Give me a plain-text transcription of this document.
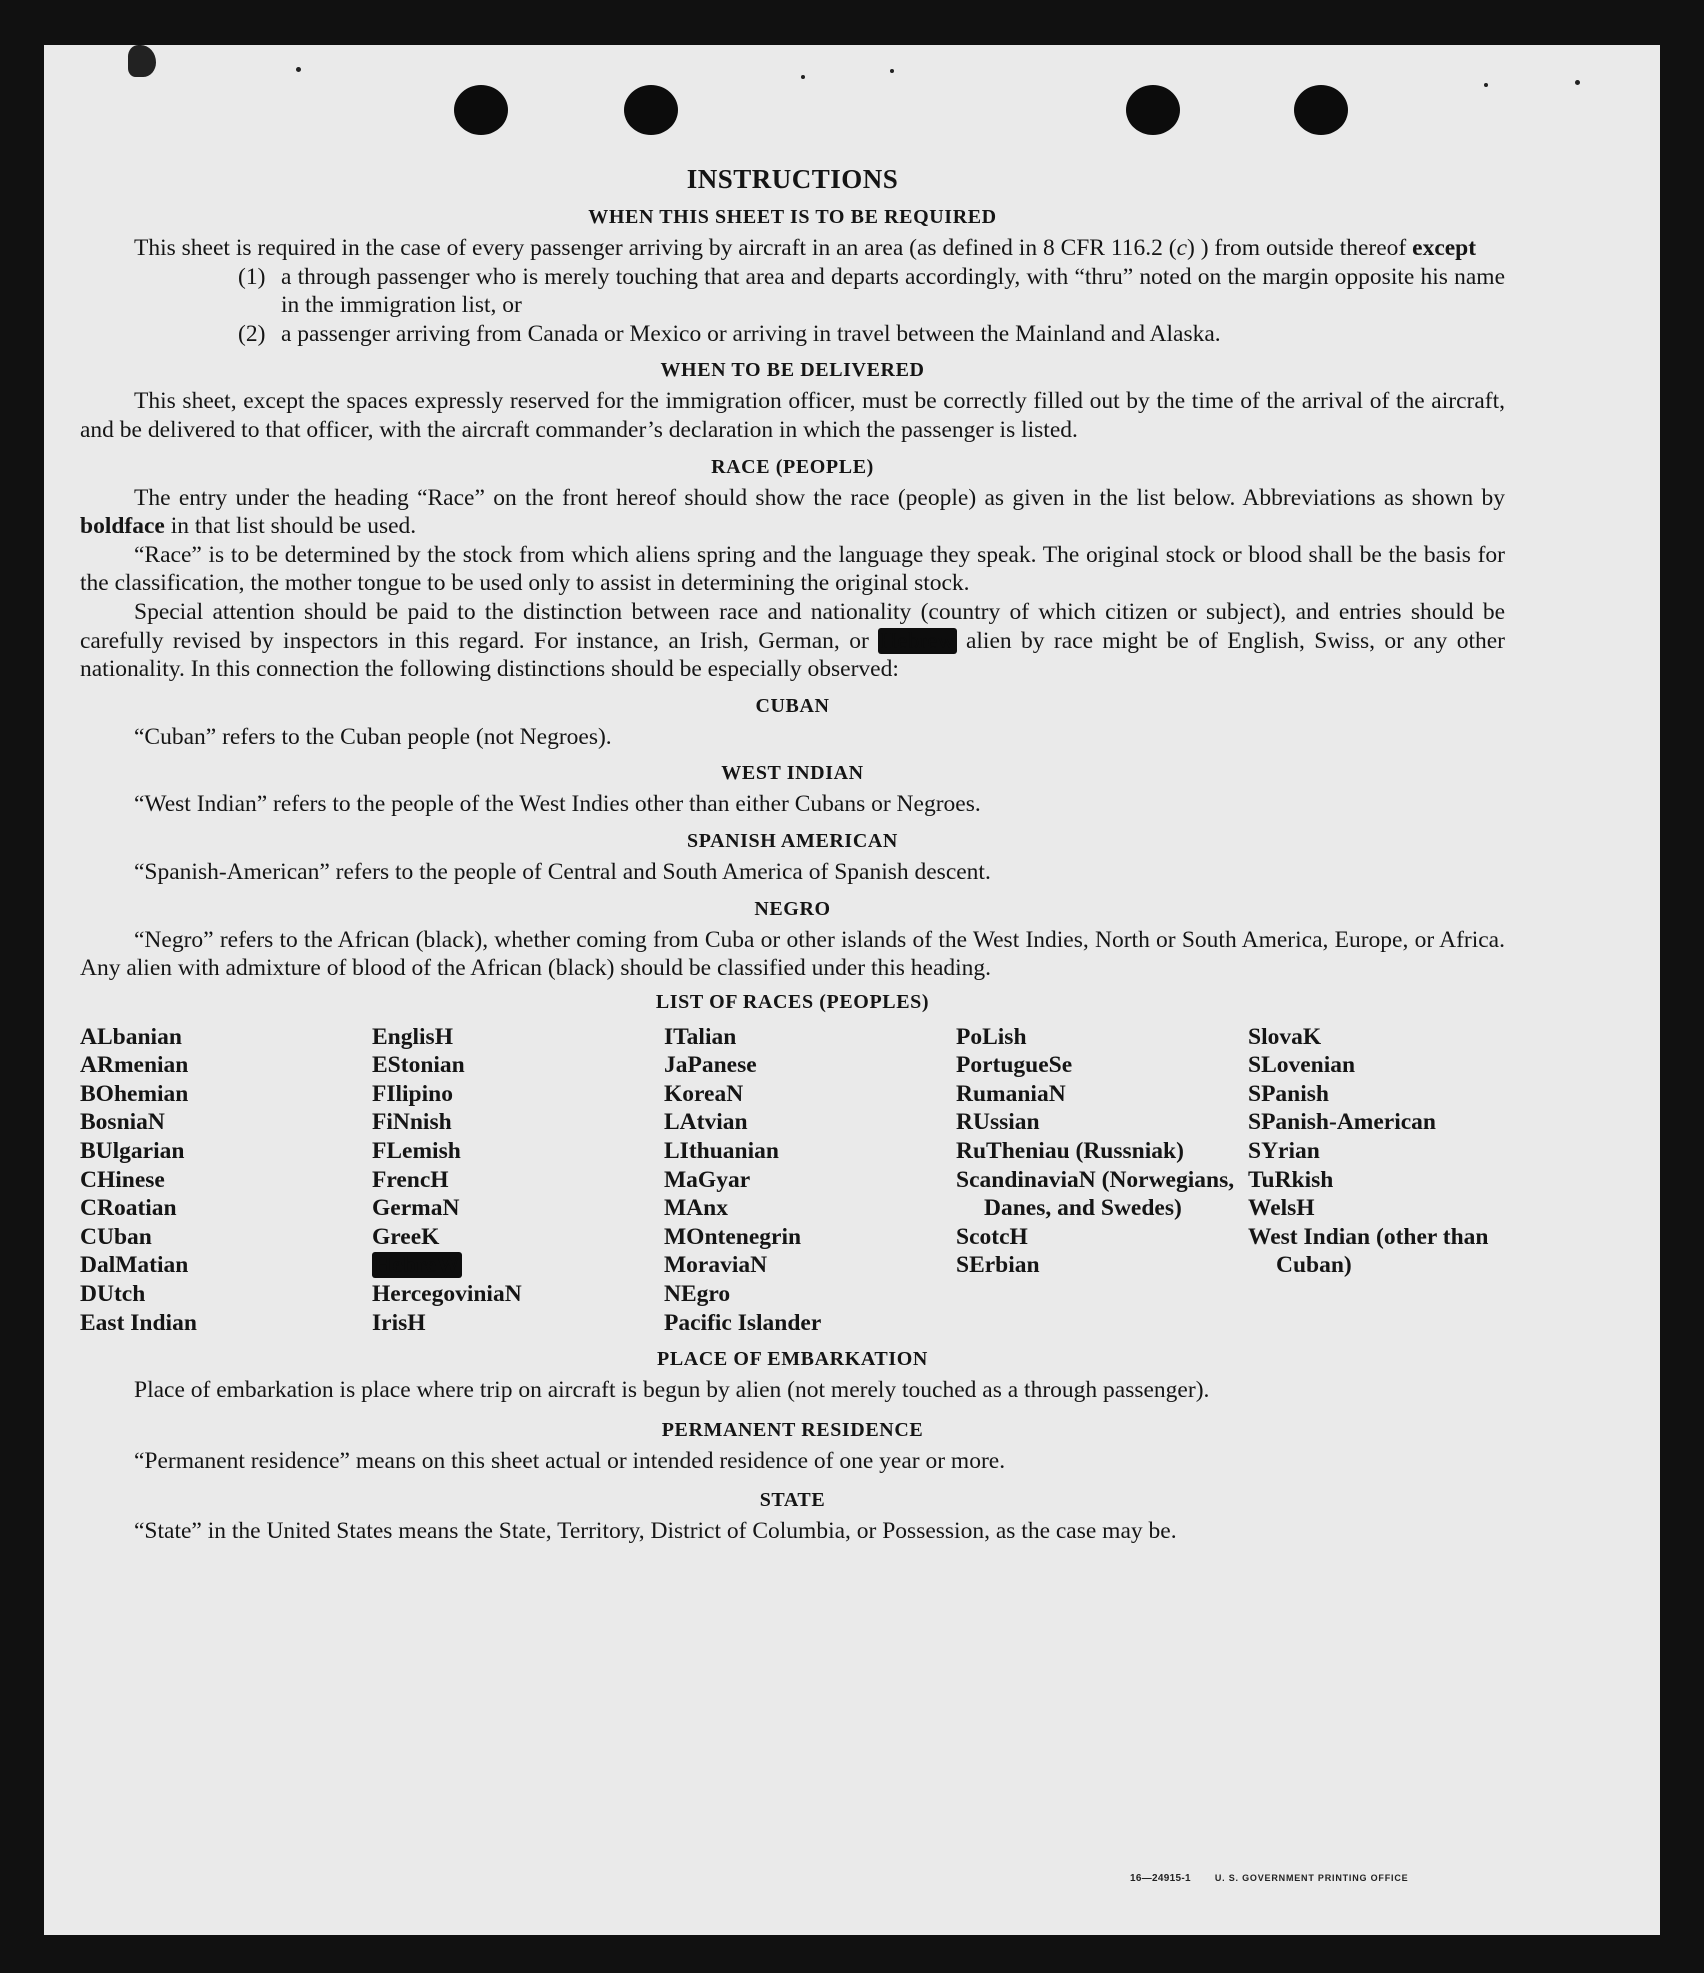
INSTRUCTIONS
WHEN THIS SHEET IS TO BE REQUIRED

This sheet is required in the case of every passenger arriving by aircraft in an area (as defined in 8 CFR 116.2 (c) ) from outside thereof except

(1) a through passenger who is merely touching that area and departs accordingly, with “thru” noted on the margin opposite his name in the immigration list, or

(2) a passenger arriving from Canada or Mexico or arriving in travel between the Mainland and Alaska.

WHEN TO BE DELIVERED

This sheet, except the spaces expressly reserved for the immigration officer, must be correctly filled out by the time of the arrival of the aircraft, and be delivered to that officer, with the aircraft commander’s declaration in which the passenger is listed.

RACE (PEOPLE)

The entry under the heading “Race” on the front hereof should show the race (people) as given in the list below. Abbreviations as shown by boldface in that list should be used.

“Race” is to be determined by the stock from which aliens spring and the language they speak. The original stock or blood shall be the basis for the classification, the mother tongue to be used only to assist in determining the original stock.

Special attention should be paid to the distinction between race and nationality (country of which citizen or subject), and entries should be carefully revised by inspectors in this regard. For instance, an Irish, German, or Hebrew alien by race might be of English, Swiss, or any other nationality. In this connection the following distinctions should be especially observed:

CUBAN

“Cuban” refers to the Cuban people (not Negroes).

WEST INDIAN

“West Indian” refers to the people of the West Indies other than either Cubans or Negroes.

SPANISH AMERICAN

“Spanish-American” refers to the people of Central and South America of Spanish descent.

NEGRO

“Negro” refers to the African (black), whether coming from Cuba or other islands of the West Indies, North or South America, Europe, or Africa. Any alien with admixture of blood of the African (black) should be classified under this heading.

LIST OF RACES (PEOPLES)
ALbanian
ARmenian
BOhemian
BosniaN
BUlgarian
CHinese
CRoatian
CUban
DalMatian
DUtch
East Indian
EnglisH
EStonian
FIlipino
FiNnish
FLemish
FrencH
GermaN
GreeK
HebreW
HercegoviniaN
IrisH
ITalian
JaPanese
KoreaN
LAtvian
LIthuanian
MaGyar
MAnx
MOntenegrin
MoraviaN
NEgro
Pacific Islander
PoLish
PortugueSe
RumaniaN
RUssian
RuTheniau (Russniak)
ScandinaviaN (Norwegians, Danes, and Swedes)
ScotcH
SErbian
SlovaK
SLovenian
SPanish
SPanish-American
SYrian
TuRkish
WelsH
West Indian (other than Cuban)
PLACE OF EMBARKATION

Place of embarkation is place where trip on aircraft is begun by alien (not merely touched as a through passenger).

PERMANENT RESIDENCE

“Permanent residence” means on this sheet actual or intended residence of one year or more.

STATE

“State” in the United States means the State, Territory, District of Columbia, or Possession, as the case may be.

16—24915-1	U. S. GOVERNMENT PRINTING OFFICE
